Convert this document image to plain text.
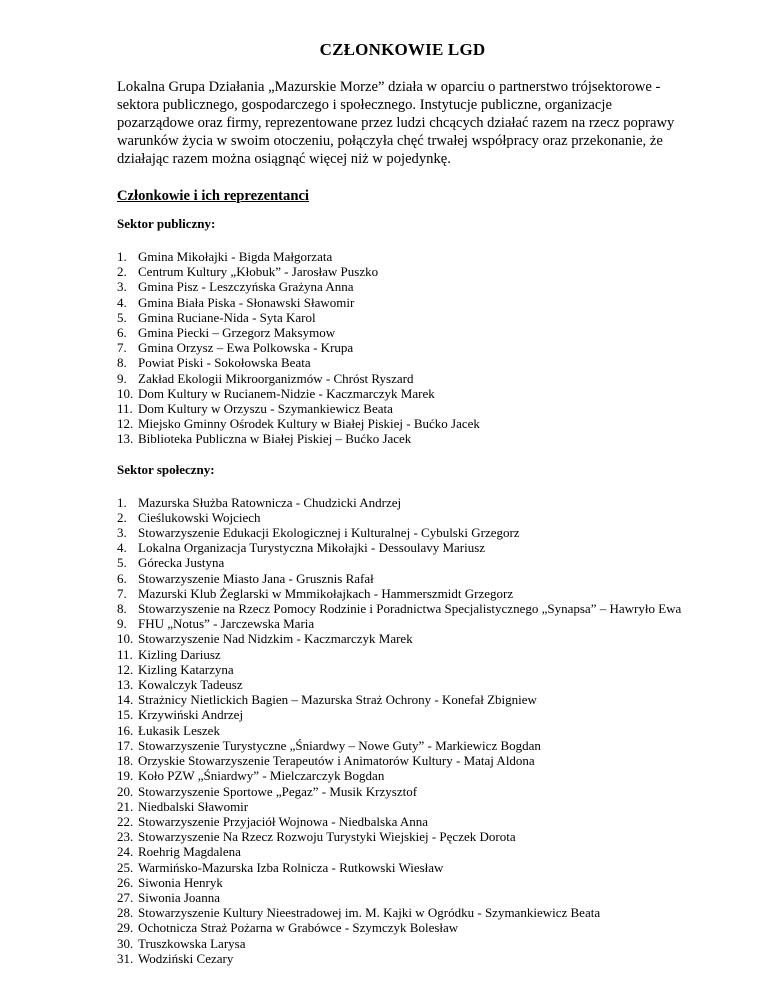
CZŁONKOWIE LGD
Lokalna Grupa Działania „Mazurskie Morze” działa w oparciu o partnerstwo trójsektorowe - sektora publicznego, gospodarczego i społecznego. Instytucje publiczne, organizacje pozarządowe oraz firmy, reprezentowane przez ludzi chcących działać razem na rzecz poprawy warunków życia w swoim otoczeniu, połączyła chęć trwałej współpracy oraz przekonanie, że działając razem można osiągnąć więcej niż w pojedynkę.
Członkowie i ich reprezentanci
Sektor publiczny:
1. Gmina Mikołajki - Bigda Małgorzata
2. Centrum Kultury „Kłobuk” - Jarosław Puszko
3. Gmina Pisz - Leszczyńska Grażyna Anna
4. Gmina Biała Piska - Słonawski Sławomir
5. Gmina Ruciane-Nida - Syta Karol
6. Gmina Piecki – Grzegorz Maksymow
7. Gmina Orzysz – Ewa Polkowska - Krupa
8. Powiat Piski - Sokołowska Beata
9. Zakład Ekologii Mikroorganizmów - Chróst Ryszard
10. Dom Kultury w Rucianem-Nidzie - Kaczmarczyk Marek
11. Dom Kultury w Orzyszu - Szymankiewicz Beata
12. Miejsko Gminny Ośrodek Kultury w Białej Piskiej - Bućko Jacek
13. Biblioteka Publiczna w Białej Piskiej – Bućko Jacek
Sektor społeczny:
1. Mazurska Służba Ratownicza - Chudzicki Andrzej
2. Cieślukowski Wojciech
3. Stowarzyszenie Edukacji Ekologicznej i Kulturalnej - Cybulski Grzegorz
4. Lokalna Organizacja Turystyczna Mikołajki - Dessoulavy Mariusz
5. Górecka Justyna
6. Stowarzyszenie Miasto Jana - Grusznis Rafał
7. Mazurski Klub Żeglarski w Mmmikołajkach - Hammerszmidt Grzegorz
8. Stowarzyszenie na Rzecz Pomocy Rodzinie i Poradnictwa Specjalistycznego „Synapsa” – Hawryło Ewa
9. FHU „Notus” - Jarczewska Maria
10. Stowarzyszenie Nad Nidzkim - Kaczmarczyk Marek
11. Kizling Dariusz
12. Kizling Katarzyna
13. Kowalczyk Tadeusz
14. Strażnicy Nietlickich Bagien – Mazurska Straż Ochrony - Konefał Zbigniew
15. Krzywiński Andrzej
16. Łukasik Leszek
17. Stowarzyszenie Turystyczne „Śniardwy – Nowe Guty” - Markiewicz Bogdan
18. Orzyskie Stowarzyszenie Terapeutów i Animatorów Kultury - Mataj Aldona
19. Koło PZW „Śniardwy” - Mielczarczyk Bogdan
20. Stowarzyszenie Sportowe „Pegaz” - Musik Krzysztof
21. Niedbalski Sławomir
22. Stowarzyszenie Przyjaciół Wojnowa - Niedbalska Anna
23. Stowarzyszenie Na Rzecz Rozwoju Turystyki Wiejskiej - Pęczek Dorota
24. Roehrig Magdalena
25. Warmińsko-Mazurska Izba Rolnicza - Rutkowski Wiesław
26. Siwonia Henryk
27. Siwonia Joanna
28. Stowarzyszenie Kultury Nieestradowej im. M. Kajki w Ogródku - Szymankiewicz Beata
29. Ochotnicza Straż Pożarna w Grabówce - Szymczyk Bolesław
30. Truszkowska Larysa
31. Wodziński Cezary
